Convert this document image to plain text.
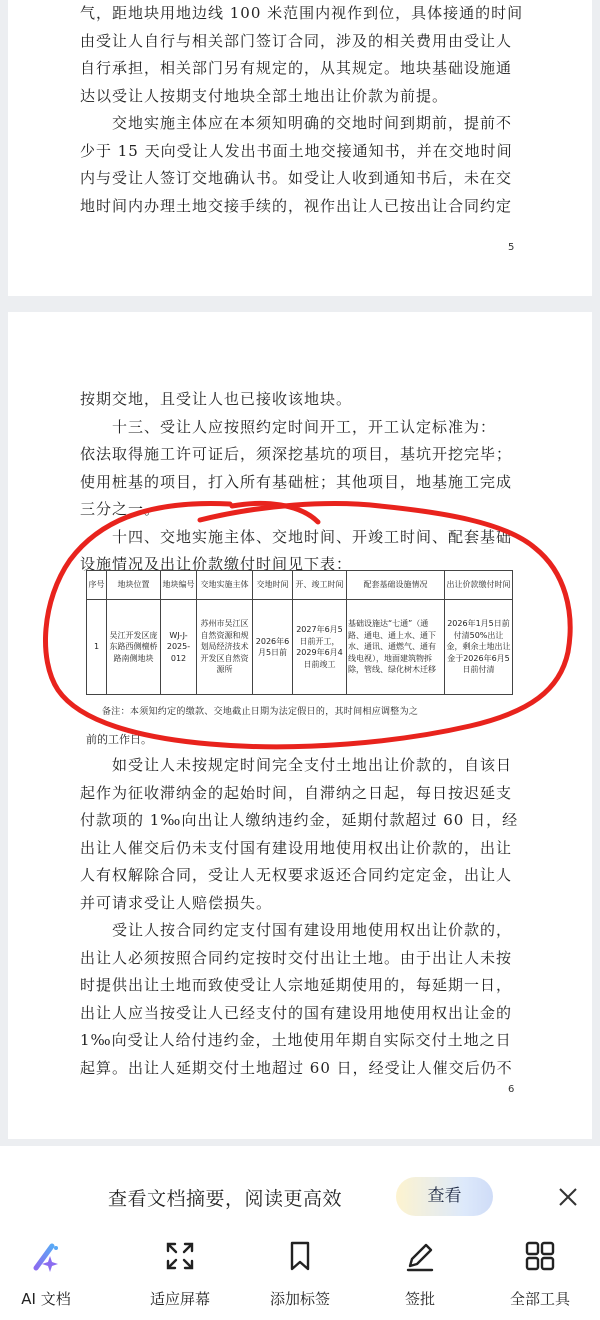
气，距地块用地边线 100 米范围内视作到位，具体接通的时间
由受让人自行与相关部门签订合同，涉及的相关费用由受让人
自行承担，相关部门另有规定的，从其规定。地块基础设施通
达以受让人按期支付地块全部土地出让价款为前提。
　　交地实施主体应在本须知明确的交地时间到期前，提前不
少于 15 天向受让人发出书面土地交接通知书，并在交地时间
内与受让人签订交地确认书。如受让人收到通知书后，未在交
地时间内办理土地交接手续的，视作出让人已按出让合同约定
5
按期交地，且受让人也已接收该地块。
　　十三、受让人应按照约定时间开工，开工认定标准为：
依法取得施工许可证后，须深挖基坑的项目，基坑开挖完毕；
使用桩基的项目，打入所有基础桩；其他项目，地基施工完成
三分之一。
　　十四、交地实施主体、交地时间、开竣工时间、配套基础
设施情况及出让价款缴付时间见下表：
序号	地块位置	地块编号	交地实施主体	交地时间	开、竣工时间	配套基础设施情况	出让价款缴付时间
1	吴江开发区庞东路西侧檀桥路南侧地块	WJ-J-2025-012	苏州市吴江区自然资源和规划局经济技术开发区自然资源所	2026年6月5日前	2027年6月5日前开工，2029年6月4日前竣工	基础设施达“七通”（通路、通电、通上水、通下水、通讯、通燃气、通有线电视），地面建筑物拆除，管线、绿化树木迁移	2026年1月5日前付清50%出让金，剩余土地出让金于2026年6月5日前付清
备注：本须知约定的缴款、交地截止日期为法定假日的，其时间相应调整为之
前的工作日。
　　如受让人未按规定时间完全支付土地出让价款的，自该日
起作为征收滞纳金的起始时间，自滞纳之日起，每日按迟延支
付款项的 1‰向出让人缴纳违约金，延期付款超过 60 日，经
出让人催交后仍未支付国有建设用地使用权出让价款的，出让
人有权解除合同，受让人无权要求返还合同约定定金，出让人
并可请求受让人赔偿损失。
　　受让人按合同约定支付国有建设用地使用权出让价款的，
出让人必须按照合同约定按时交付出让土地。由于出让人未按
时提供出让土地而致使受让人宗地延期使用的，每延期一日，
出让人应当按受让人已经支付的国有建设用地使用权出让金的
1‰向受让人给付违约金，土地使用年期自实际交付土地之日
起算。出让人延期交付土地超过 60 日，经受让人催交后仍不
6
查看文档摘要，阅读更高效	查看
AI 文档	适应屏幕	添加标签	签批	全部工具
